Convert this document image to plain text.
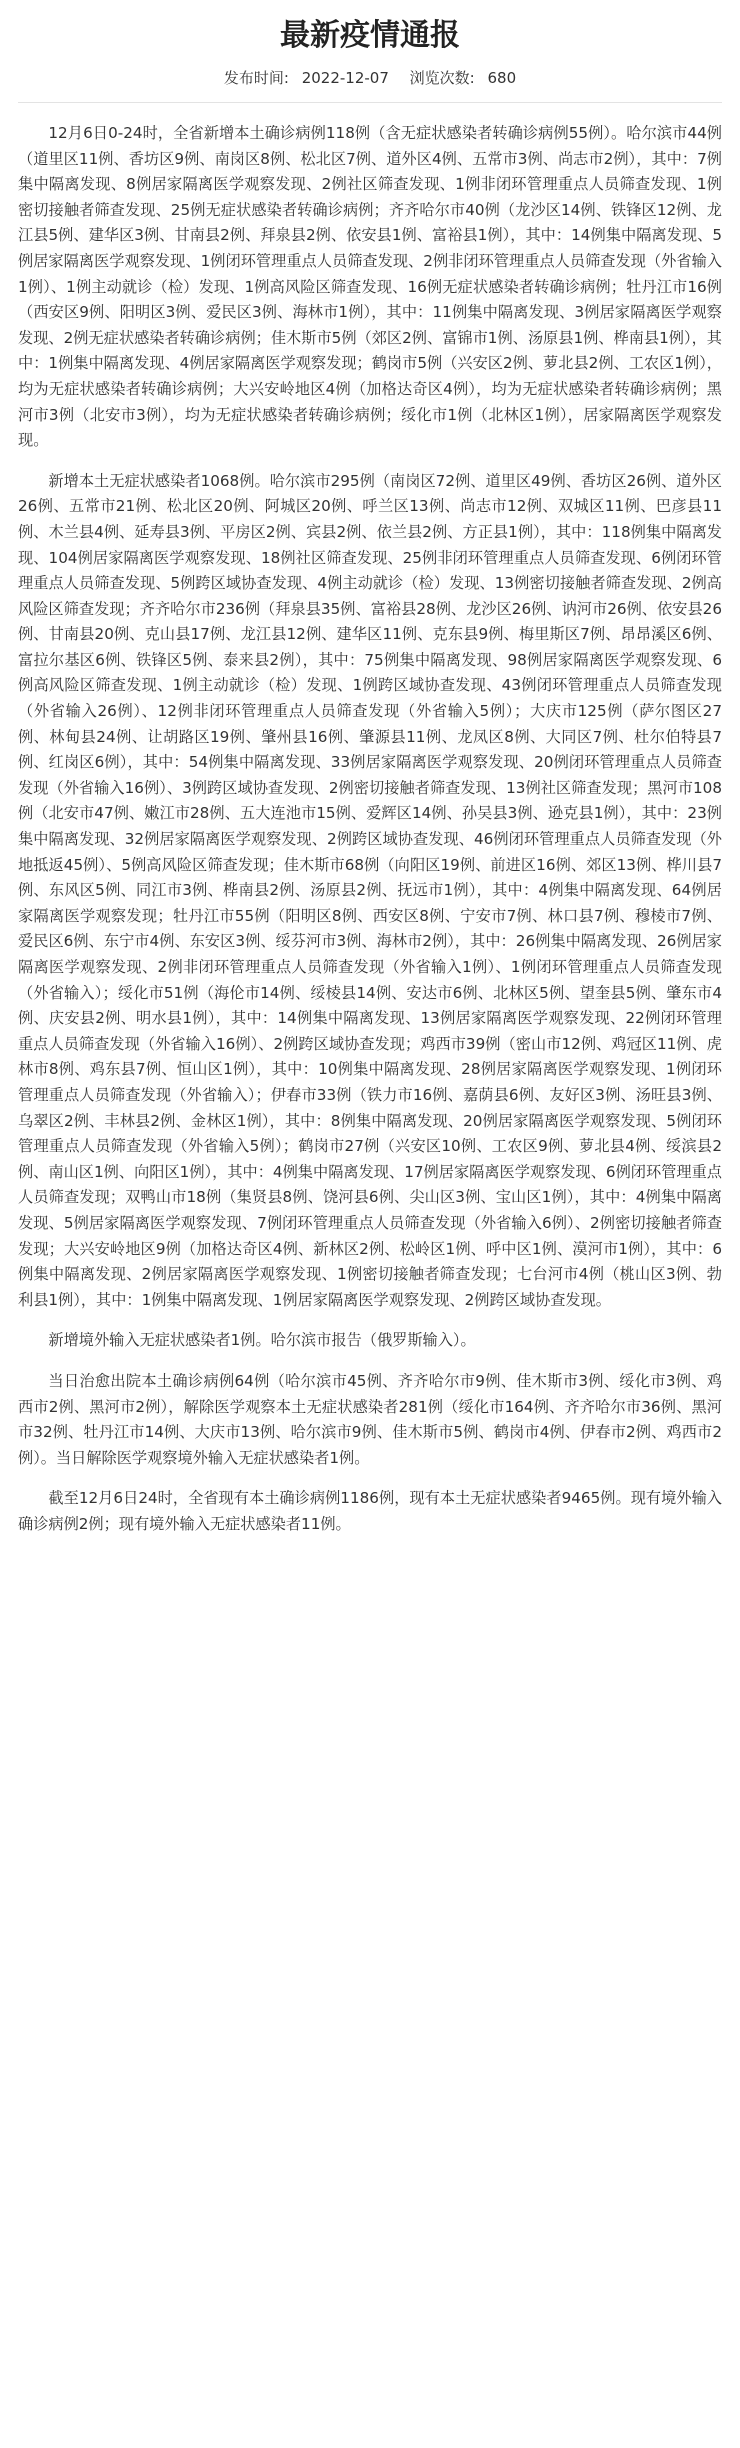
最新疫情通报
发布时间: 2022-12-07 浏览次数: 680

12月6日0-24时，全省新增本土确诊病例118例（含无症状感染者转确诊病例55例）。哈尔滨市44例（道里区11例、香坊区9例、南岗区8例、松北区7例、道外区4例、五常市3例、尚志市2例），其中：7例集中隔离发现、8例居家隔离医学观察发现、2例社区筛查发现、1例非闭环管理重点人员筛查发现、1例密切接触者筛查发现、25例无症状感染者转确诊病例；齐齐哈尔市40例（龙沙区14例、铁锋区12例、龙江县5例、建华区3例、甘南县2例、拜泉县2例、依安县1例、富裕县1例），其中：14例集中隔离发现、5例居家隔离医学观察发现、1例闭环管理重点人员筛查发现、2例非闭环管理重点人员筛查发现（外省输入1例）、1例主动就诊（检）发现、1例高风险区筛查发现、16例无症状感染者转确诊病例；牡丹江市16例（西安区9例、阳明区3例、爱民区3例、海林市1例），其中：11例集中隔离发现、3例居家隔离医学观察发现、2例无症状感染者转确诊病例；佳木斯市5例（郊区2例、富锦市1例、汤原县1例、桦南县1例），其中：1例集中隔离发现、4例居家隔离医学观察发现；鹤岗市5例（兴安区2例、萝北县2例、工农区1例），均为无症状感染者转确诊病例；大兴安岭地区4例（加格达奇区4例），均为无症状感染者转确诊病例；黑河市3例（北安市3例），均为无症状感染者转确诊病例；绥化市1例（北林区1例），居家隔离医学观察发现。

新增本土无症状感染者1068例。哈尔滨市295例（南岗区72例、道里区49例、香坊区26例、道外区26例、五常市21例、松北区20例、阿城区20例、呼兰区13例、尚志市12例、双城区11例、巴彦县11例、木兰县4例、延寿县3例、平房区2例、宾县2例、依兰县2例、方正县1例），其中：118例集中隔离发现、104例居家隔离医学观察发现、18例社区筛查发现、25例非闭环管理重点人员筛查发现、6例闭环管理重点人员筛查发现、5例跨区域协查发现、4例主动就诊（检）发现、13例密切接触者筛查发现、2例高风险区筛查发现；齐齐哈尔市236例（拜泉县35例、富裕县28例、龙沙区26例、讷河市26例、依安县26例、甘南县20例、克山县17例、龙江县12例、建华区11例、克东县9例、梅里斯区7例、昂昂溪区6例、富拉尔基区6例、铁锋区5例、泰来县2例），其中：75例集中隔离发现、98例居家隔离医学观察发现、6例高风险区筛查发现、1例主动就诊（检）发现、1例跨区域协查发现、43例闭环管理重点人员筛查发现（外省输入26例）、12例非闭环管理重点人员筛查发现（外省输入5例）；大庆市125例（萨尔图区27例、林甸县24例、让胡路区19例、肇州县16例、肇源县11例、龙凤区8例、大同区7例、杜尔伯特县7例、红岗区6例），其中：54例集中隔离发现、33例居家隔离医学观察发现、20例闭环管理重点人员筛查发现（外省输入16例）、3例跨区域协查发现、2例密切接触者筛查发现、13例社区筛查发现；黑河市108例（北安市47例、嫩江市28例、五大连池市15例、爱辉区14例、孙吴县3例、逊克县1例），其中：23例集中隔离发现、32例居家隔离医学观察发现、2例跨区域协查发现、46例闭环管理重点人员筛查发现（外地抵返45例）、5例高风险区筛查发现；佳木斯市68例（向阳区19例、前进区16例、郊区13例、桦川县7例、东风区5例、同江市3例、桦南县2例、汤原县2例、抚远市1例），其中：4例集中隔离发现、64例居家隔离医学观察发现；牡丹江市55例（阳明区8例、西安区8例、宁安市7例、林口县7例、穆棱市7例、爱民区6例、东宁市4例、东安区3例、绥芬河市3例、海林市2例），其中：26例集中隔离发现、26例居家隔离医学观察发现、2例非闭环管理重点人员筛查发现（外省输入1例）、1例闭环管理重点人员筛查发现（外省输入）；绥化市51例（海伦市14例、绥棱县14例、安达市6例、北林区5例、望奎县5例、肇东市4例、庆安县2例、明水县1例），其中：14例集中隔离发现、13例居家隔离医学观察发现、22例闭环管理重点人员筛查发现（外省输入16例）、2例跨区域协查发现；鸡西市39例（密山市12例、鸡冠区11例、虎林市8例、鸡东县7例、恒山区1例），其中：10例集中隔离发现、28例居家隔离医学观察发现、1例闭环管理重点人员筛查发现（外省输入）；伊春市33例（铁力市16例、嘉荫县6例、友好区3例、汤旺县3例、乌翠区2例、丰林县2例、金林区1例），其中：8例集中隔离发现、20例居家隔离医学观察发现、5例闭环管理重点人员筛查发现（外省输入5例）；鹤岗市27例（兴安区10例、工农区9例、萝北县4例、绥滨县2例、南山区1例、向阳区1例），其中：4例集中隔离发现、17例居家隔离医学观察发现、6例闭环管理重点人员筛查发现；双鸭山市18例（集贤县8例、饶河县6例、尖山区3例、宝山区1例），其中：4例集中隔离发现、5例居家隔离医学观察发现、7例闭环管理重点人员筛查发现（外省输入6例）、2例密切接触者筛查发现；大兴安岭地区9例（加格达奇区4例、新林区2例、松岭区1例、呼中区1例、漠河市1例），其中：6例集中隔离发现、2例居家隔离医学观察发现、1例密切接触者筛查发现；七台河市4例（桃山区3例、勃利县1例），其中：1例集中隔离发现、1例居家隔离医学观察发现、2例跨区域协查发现。

新增境外输入无症状感染者1例。哈尔滨市报告（俄罗斯输入）。

当日治愈出院本土确诊病例64例（哈尔滨市45例、齐齐哈尔市9例、佳木斯市3例、绥化市3例、鸡西市2例、黑河市2例），解除医学观察本土无症状感染者281例（绥化市164例、齐齐哈尔市36例、黑河市32例、牡丹江市14例、大庆市13例、哈尔滨市9例、佳木斯市5例、鹤岗市4例、伊春市2例、鸡西市2例）。当日解除医学观察境外输入无症状感染者1例。

截至12月6日24时，全省现有本土确诊病例1186例，现有本土无症状感染者9465例。现有境外输入确诊病例2例；现有境外输入无症状感染者11例。
